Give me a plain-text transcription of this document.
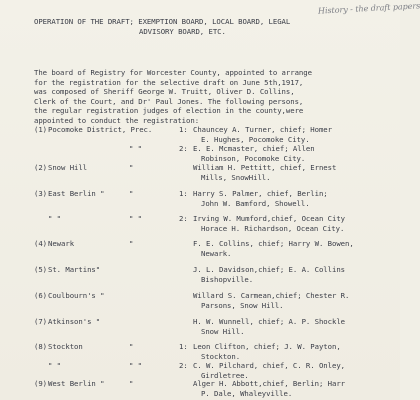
History - the draft papers
OPERATION OF THE DRAFT; EXEMPTION BOARD, LOCAL BOARD, LEGAL
ADVISORY BOARD, ETC.
The board of Registry for Worcester County, appointed to arrange
for the registration for the selective draft on June 5th,1917,
was composed of Sheriff George W. Truitt, Oliver D. Collins,
Clerk of the Court, and Dr' Paul Jones. The following persons,
the regular registration judges of election in the county,were
appointed to conduct the registration:
(1) Pocomoke District, Prec.	1: Chauncey A. Turner, chief; Homer
E. Hughes, Pocomoke City.
" "	2: E. E. Mcmaster, chief; Allen
Robinson, Pocomoke City.
(2) Snow Hill	"	William H. Pettitt, chief, Ernest
Mills, SnowHill.
(3) East Berlin "	"	1: Harry S. Palmer, chief, Berlin;
John W. Bamford, Showell.
" "	" "	2: Irving W. Mumford,chief, Ocean City
Horace H. Richardson, Ocean City.
(4) Newark	"	F. E. Collins, chief; Harry W. Bowen,
Newark.
(5) St. Martins"	J. L. Davidson,chief; E. A. Collins
Bishopville.
(6) Coulbourn's "	Willard S. Carmean,chief; Chester R.
Parsons, Snow Hill.
(7) Atkinson's "	H. W. Wunnell, chief; A. P. Shockle
Snow Hill.
(8) Stockton	"	1: Leon Clifton, chief; J. W. Payton,
Stockton.
" "	" "	2: C. W. Pilchard, chief, C. R. Onley,
Girdletree.
(9) West Berlin "	"	Alger H. Abbott,chief, Berlin; Harr
P. Dale, Whaleyville.
